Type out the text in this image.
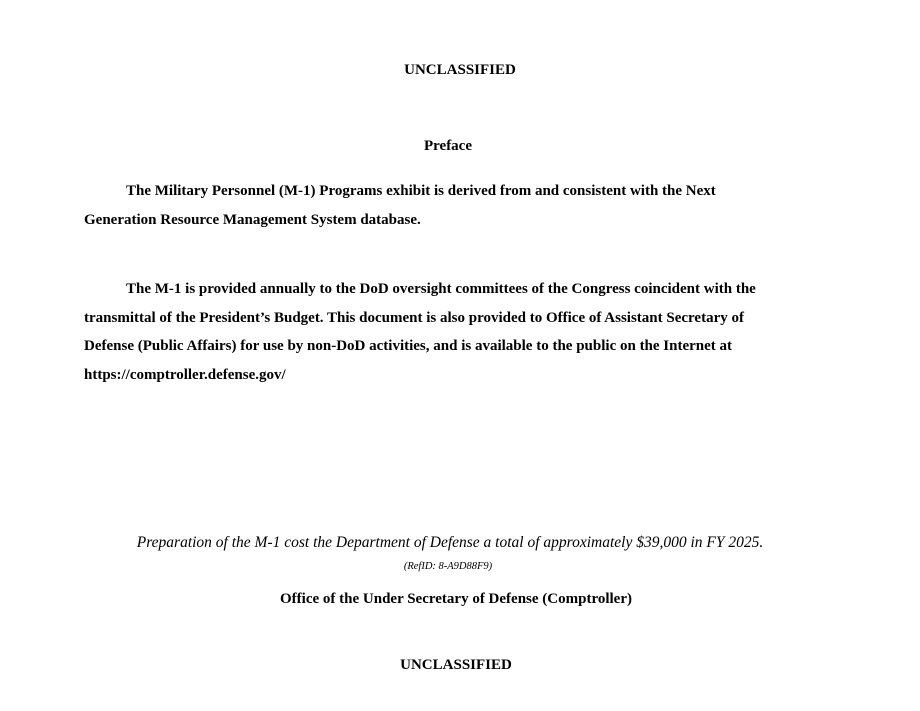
UNCLASSIFIED
Preface
The Military Personnel (M-1) Programs exhibit is derived from and consistent with the Next
Generation Resource Management System database.
The M-1 is provided annually to the DoD oversight committees of the Congress coincident with the
transmittal of the President’s Budget. This document is also provided to Office of Assistant Secretary of
Defense (Public Affairs) for use by non-DoD activities, and is available to the public on the Internet at
https://comptroller.defense.gov/
Preparation of the M-1 cost the Department of Defense a total of approximately $39,000 in FY 2025.
(RefID: 8-A9D88F9)
Office of the Under Secretary of Defense (Comptroller)
UNCLASSIFIED
